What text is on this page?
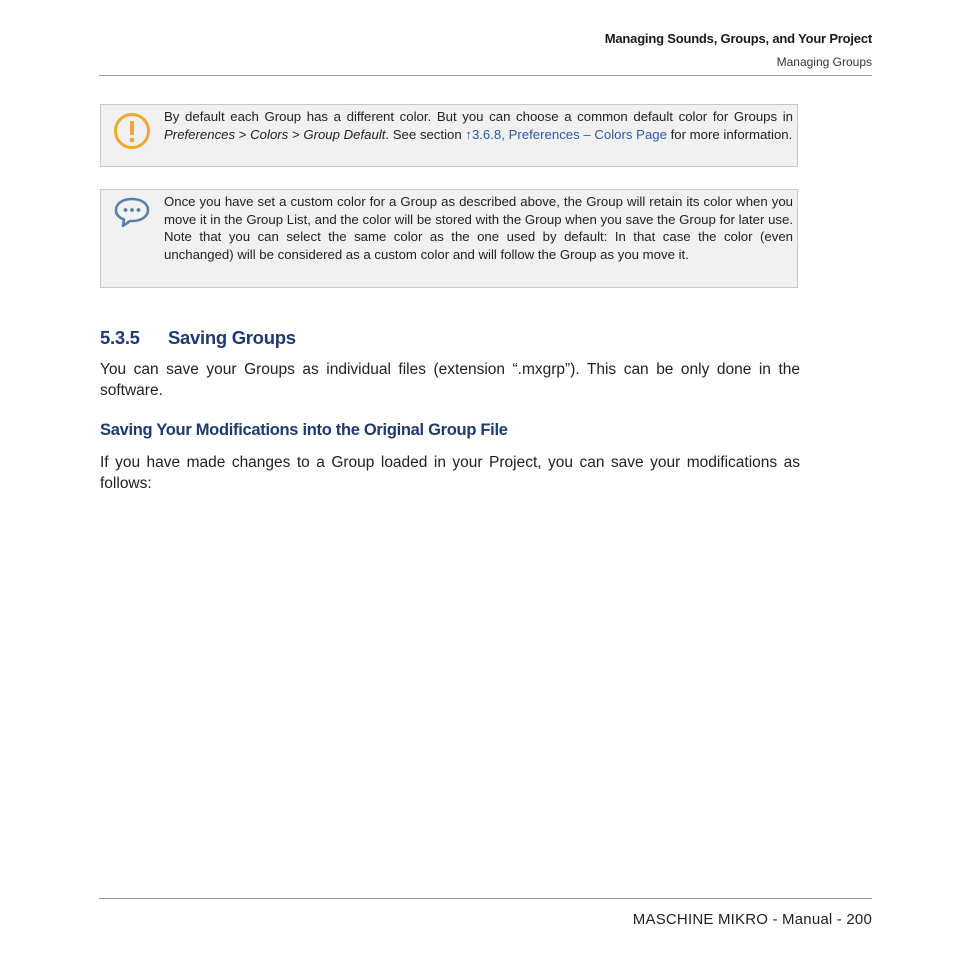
Managing Sounds, Groups, and Your Project
Managing Groups
By default each Group has a different color. But you can choose a common default color for Groups in Preferences > Colors > Group Default. See section ↑3.6.8, Preferences – Colors Page for more information.
Once you have set a custom color for a Group as described above, the Group will retain its color when you move it in the Group List, and the color will be stored with the Group when you save the Group for later use. Note that you can select the same color as the one used by default: In that case the color (even unchanged) will be considered as a custom color and will follow the Group as you move it.
5.3.5 Saving Groups
You can save your Groups as individual files (extension “.mxgrp”). This can be only done in the software.
Saving Your Modifications into the Original Group File
If you have made changes to a Group loaded in your Project, you can save your modifications as follows:
MASCHINE MIKRO - Manual - 200
